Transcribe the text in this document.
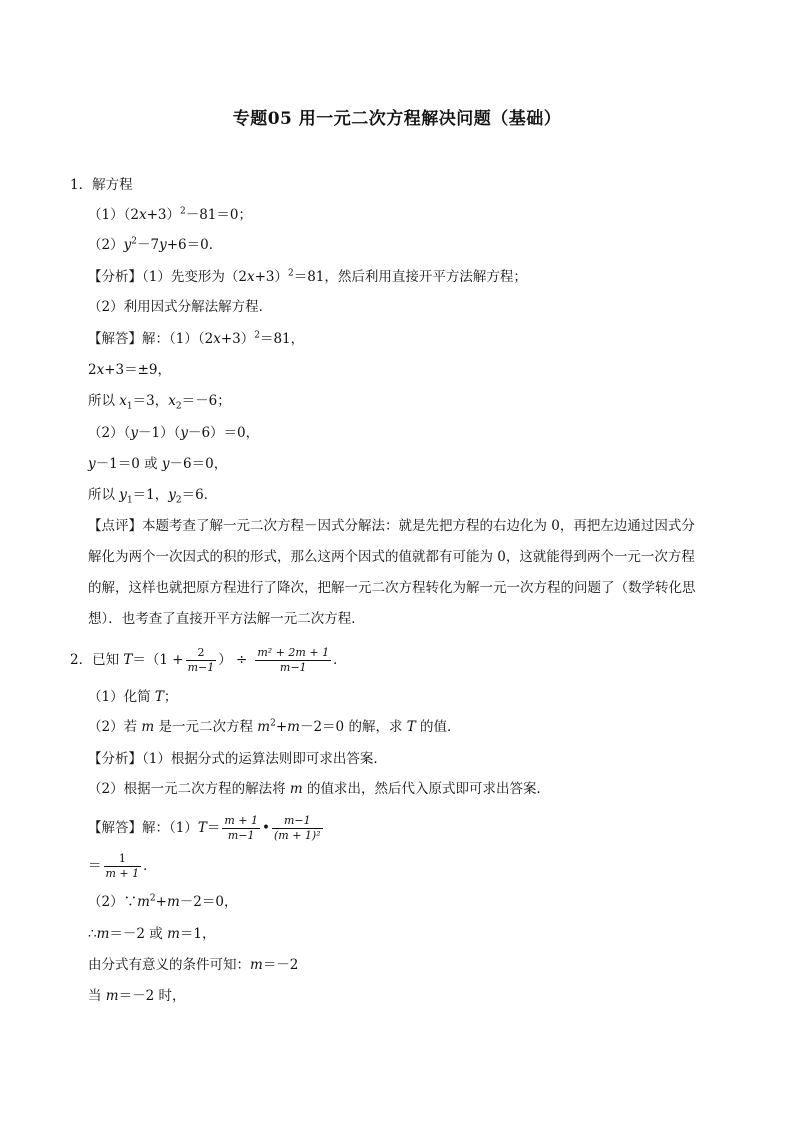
专题05 用一元二次方程解决问题（基础）
1．解方程
$(1)(2x+3)^2-81=0$；
$(2)y^2-7y+6=0$．
【分析】（1）先变形为$(2x+3)^2=81$，然后利用直接开平方法解方程；
（2）利用因式分解法解方程．
【解答】解：$(1)(2x+3)^2=81$，
2x+3＝±9，
所以 $x_1=3$，$x_2=-6$；
（2）（y－1）（y－6）＝0，
y－1＝0 或 y－6＝0，
所以 $y_1=1$，$y_2=6$．
【点评】本题考查了解一元二次方程－因式分解法：就是先把方程的右边化为 0，再把左边通过因式分
解化为两个一次因式的积的形式，那么这两个因式的值就都有可能为 0，这就能得到两个一元一次方程
的解，这样也就把原方程进行了降次，把解一元二次方程转化为解一元一次方程的问题了（数学转化思
想）．也考查了直接开平方法解一元二次方程．
2．已知 $T=(1 + \frac{2}{m-1}$ ） ÷ $\frac{\text{m² + 2m + 1}}{m-1}$ ．
（1）化简 T；
（2）若 m 是一元二次方程 $m^2+m-2=0$ 的解，求 T 的值．
【分析】（1）根据分式的运算法则即可求出答案．
（2）根据一元二次方程的解法将 m 的值求出，然后代入原式即可求出答案．
【解答】解：$(1)T= \frac{m + 1}{m-1}$ • $\frac{m-1}{\text{(m + 1)²}}$
＝ $\frac{1}{m + 1}$ ．
$(2)\because m^2+m-2=0$，
∴m＝－2 或 m＝1，
由分式有意义的条件可知：m＝－2
当 m＝－2 时，
